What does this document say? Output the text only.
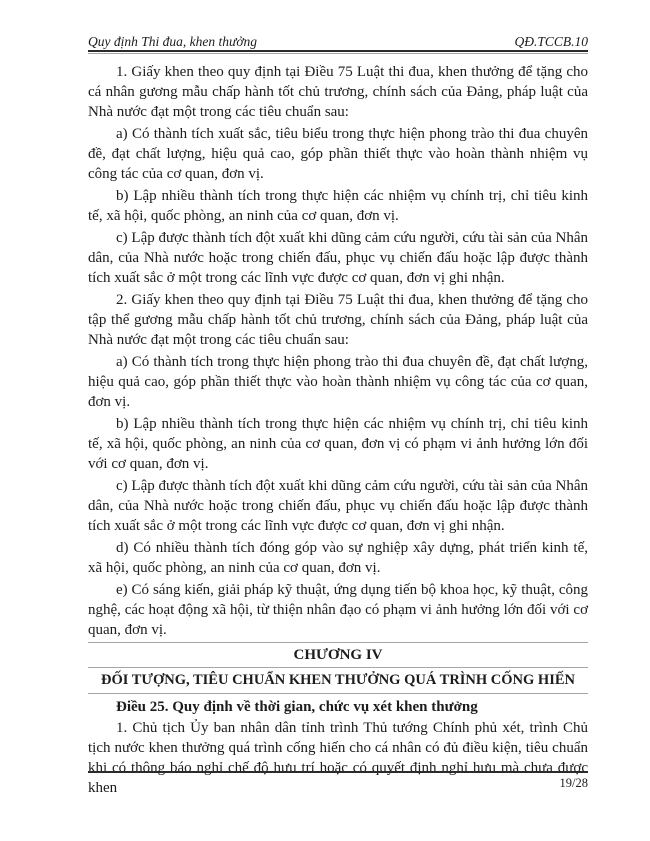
Quy định Thi đua, khen thưởng	QĐ.TCCB.10

1. Giấy khen theo quy định tại Điều 75 Luật thi đua, khen thưởng để tặng cho cá nhân gương mẫu chấp hành tốt chủ trương, chính sách của Đảng, pháp luật của Nhà nước đạt một trong các tiêu chuẩn sau:

a) Có thành tích xuất sắc, tiêu biểu trong thực hiện phong trào thi đua chuyên đề, đạt chất lượng, hiệu quả cao, góp phần thiết thực vào hoàn thành nhiệm vụ công tác của cơ quan, đơn vị.

b) Lập nhiều thành tích trong thực hiện các nhiệm vụ chính trị, chỉ tiêu kinh tế, xã hội, quốc phòng, an ninh của cơ quan, đơn vị.

c) Lập được thành tích đột xuất khi dũng cảm cứu người, cứu tài sản của Nhân dân, của Nhà nước hoặc trong chiến đấu, phục vụ chiến đấu hoặc lập được thành tích xuất sắc ở một trong các lĩnh vực được cơ quan, đơn vị ghi nhận.

2. Giấy khen theo quy định tại Điều 75 Luật thi đua, khen thưởng để tặng cho tập thể gương mẫu chấp hành tốt chủ trương, chính sách của Đảng, pháp luật của Nhà nước đạt một trong các tiêu chuẩn sau:

a) Có thành tích trong thực hiện phong trào thi đua chuyên đề, đạt chất lượng, hiệu quả cao, góp phần thiết thực vào hoàn thành nhiệm vụ công tác của cơ quan, đơn vị.

b) Lập nhiều thành tích trong thực hiện các nhiệm vụ chính trị, chỉ tiêu kinh tế, xã hội, quốc phòng, an ninh của cơ quan, đơn vị có phạm vi ảnh hưởng lớn đối với cơ quan, đơn vị.

c) Lập được thành tích đột xuất khi dũng cảm cứu người, cứu tài sản của Nhân dân, của Nhà nước hoặc trong chiến đấu, phục vụ chiến đấu hoặc lập được thành tích xuất sắc ở một trong các lĩnh vực được cơ quan, đơn vị ghi nhận.

d) Có nhiều thành tích đóng góp vào sự nghiệp xây dựng, phát triển kinh tế, xã hội, quốc phòng, an ninh của cơ quan, đơn vị.

e) Có sáng kiến, giải pháp kỹ thuật, ứng dụng tiến bộ khoa học, kỹ thuật, công nghệ, các hoạt động xã hội, từ thiện nhân đạo có phạm vi ảnh hưởng lớn đối với cơ quan, đơn vị.

CHƯƠNG IV

ĐỐI TƯỢNG, TIÊU CHUẨN KHEN THƯỞNG QUÁ TRÌNH CỐNG HIẾN

Điều 25. Quy định về thời gian, chức vụ xét khen thưởng

1. Chủ tịch Ủy ban nhân dân tỉnh trình Thủ tướng Chính phủ xét, trình Chủ tịch nước khen thưởng quá trình cống hiến cho cá nhân có đủ điều kiện, tiêu chuẩn khi có thông báo nghỉ chế độ hưu trí hoặc có quyết định nghỉ hưu mà chưa được khen	19/28
